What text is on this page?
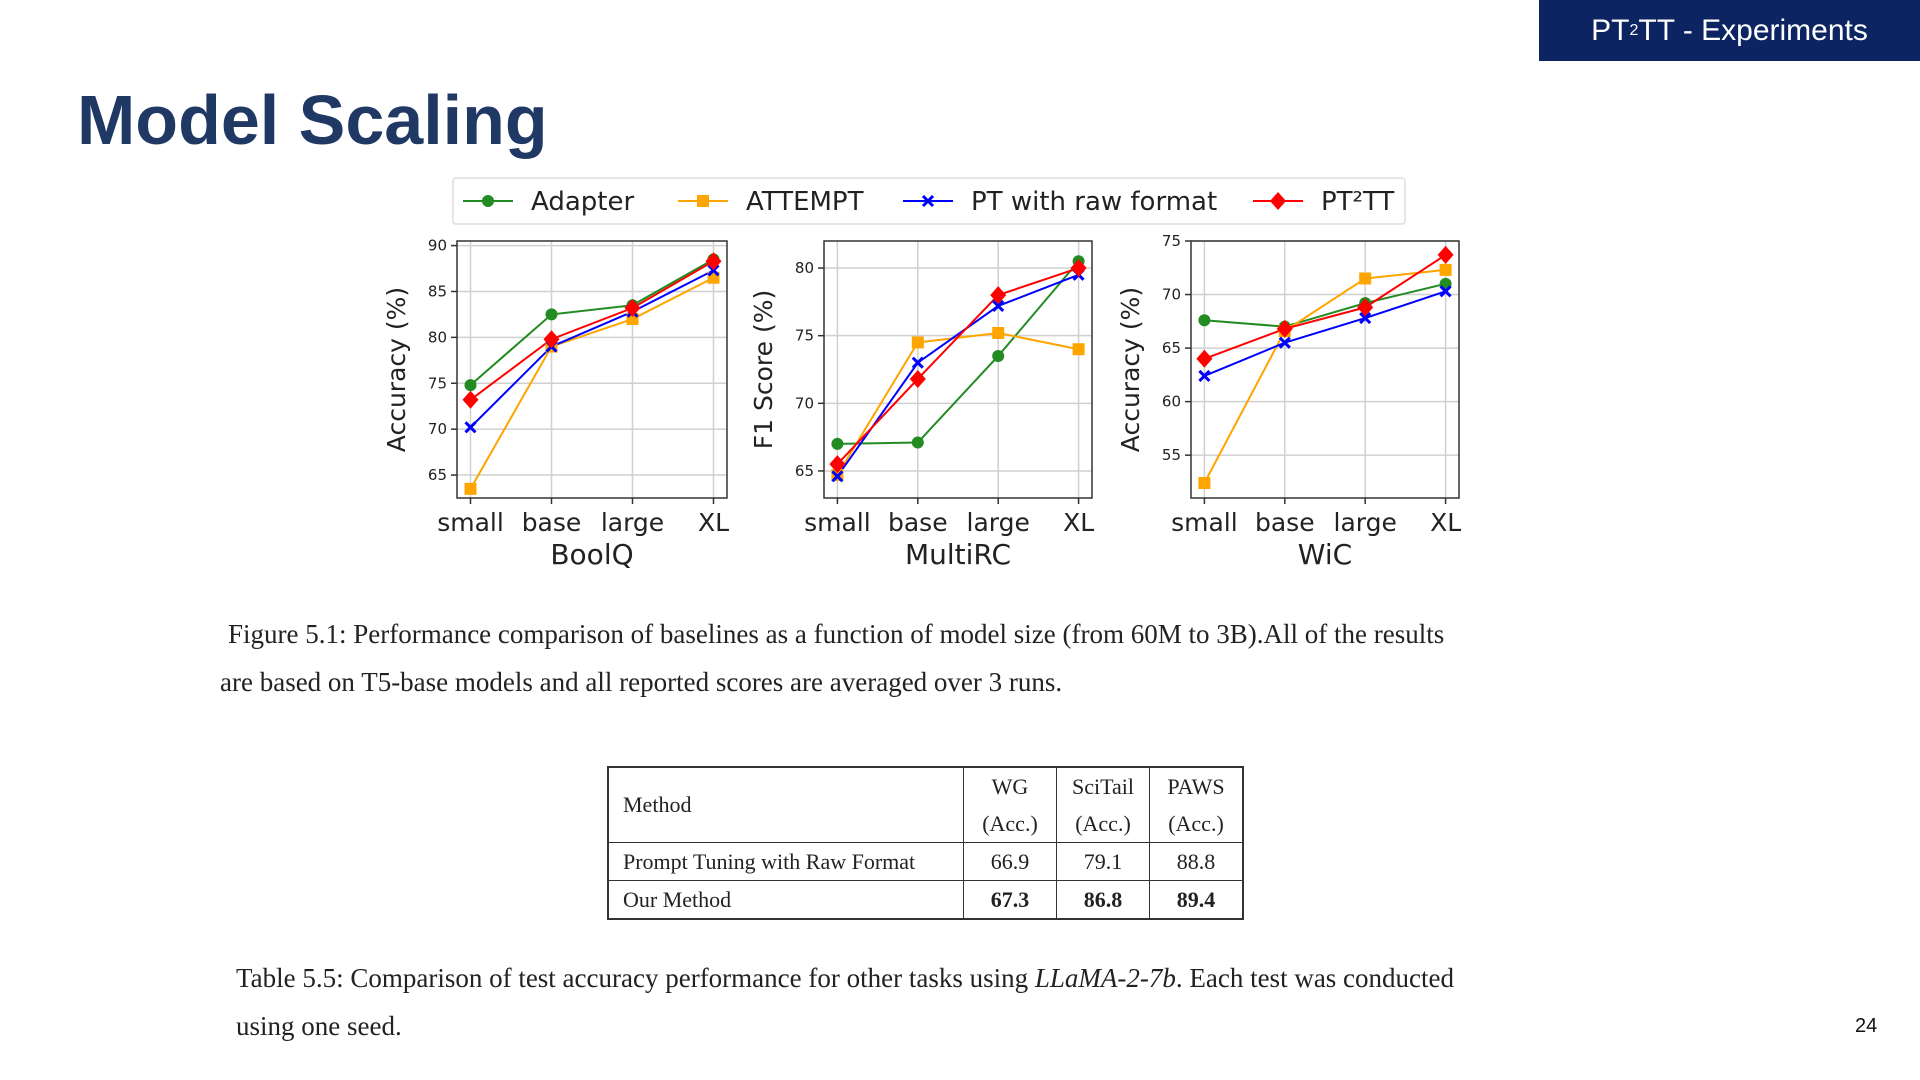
PT 2 TT - Experiments
Model Scaling
Adapter	ATTEMPT	PT with raw format	PT²TT
65
70
75
80
85
90
small base large XL
Accuracy (%)
BoolQ
65
70
75
80
small base large XL
F1 Score (%)
MultiRC
55
60
65
70
75
small base large XL
Accuracy (%)
WiC
Figure 5.1: Performance comparison of baselines as a function of model size (from 60M to 3B).All of the results
are based on T5-base models and all reported scores are averaged over 3 runs.
Method	WG	SciTail	PAWS
	(Acc.)	(Acc.)	(Acc.)
Prompt Tuning with Raw Format	66.9	79.1	88.8
Our Method	67.3	86.8	89.4
Table 5.5: Comparison of test accuracy performance for other tasks using LLaMA-2-7b. Each test was conducted
using one seed.	24
